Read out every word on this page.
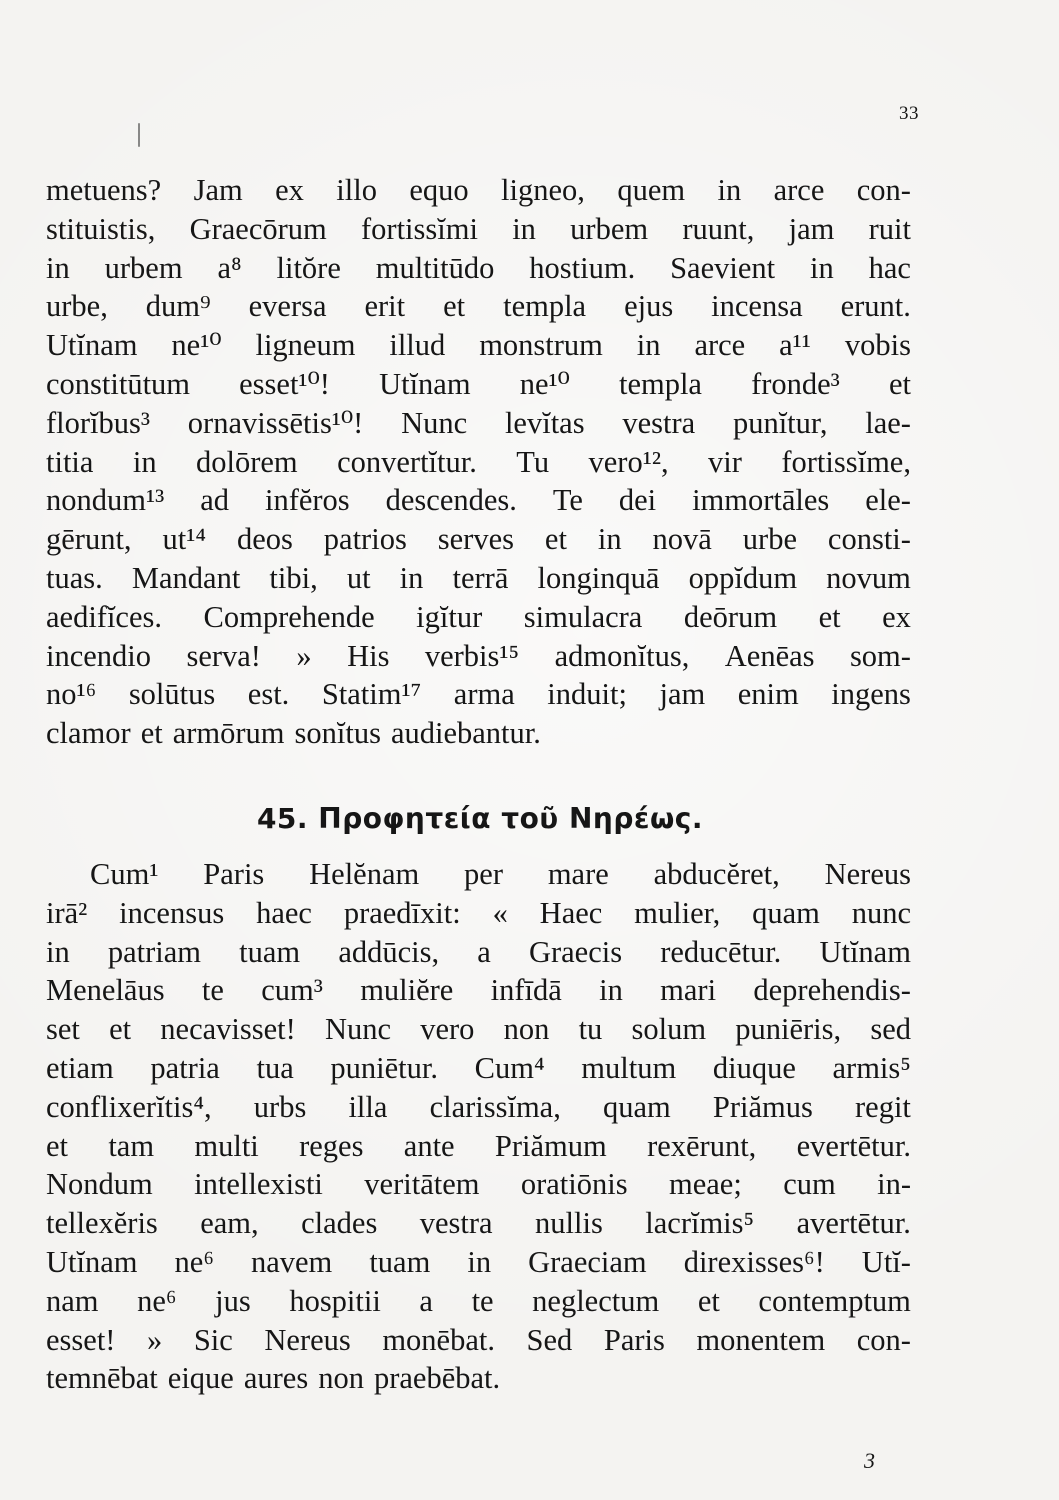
33
metuens? Jam ex illo equo ligneo, quem in arce con-
stituistis, Graecōrum fortissĭmi in urbem ruunt, jam ruit
in urbem a⁸ litŏre multitūdo hostium. Saevient in hac
urbe, dum⁹ eversa erit et templa ejus incensa erunt.
Utĭnam ne¹⁰ ligneum illud monstrum in arce a¹¹ vobis
constitūtum esset¹⁰! Utĭnam ne¹⁰ templa fronde³ et
florĭbus³ ornavissētis¹⁰! Nunc levĭtas vestra punĭtur, lae-
titia in dolōrem convertĭtur. Tu vero¹², vir fortissĭme,
nondum¹³ ad infĕros descendes. Te dei immortāles ele-
gērunt, ut¹⁴ deos patrios serves et in novā urbe consti-
tuas. Mandant tibi, ut in terrā longinquā oppĭdum novum
aedifĭces. Comprehende igĭtur simulacra deōrum et ex
incendio serva! » His verbis¹⁵ admonĭtus, Aenēas som-
no¹⁶ solūtus est. Statim¹⁷ arma induit; jam enim ingens
clamor et armōrum sonĭtus audiebantur.
45. Προφητεία τοῦ Νηρέως.
Cum¹ Paris Helĕnam per mare abducĕret, Nereus
irā² incensus haec praedīxit: « Haec mulier, quam nunc
in patriam tuam addūcis, a Graecis reducētur. Utĭnam
Menelāus te cum³ muliĕre infīdā in mari deprehendis-
set et necavisset! Nunc vero non tu solum puniēris, sed
etiam patria tua puniētur. Cum⁴ multum diuque armis⁵
conflixerĭtis⁴, urbs illa clarissĭma, quam Priămus regit
et tam multi reges ante Priămum rexērunt, evertētur.
Nondum intellexisti veritātem oratiōnis meae; cum in-
tellexĕris eam, clades vestra nullis lacrĭmis⁵ avertētur.
Utĭnam ne⁶ navem tuam in Graeciam direxisses⁶! Utĭ-
nam ne⁶ jus hospitii a te neglectum et contemptum
esset! » Sic Nereus monēbat. Sed Paris monentem con-
temnēbat eique aures non praebēbat.
3
